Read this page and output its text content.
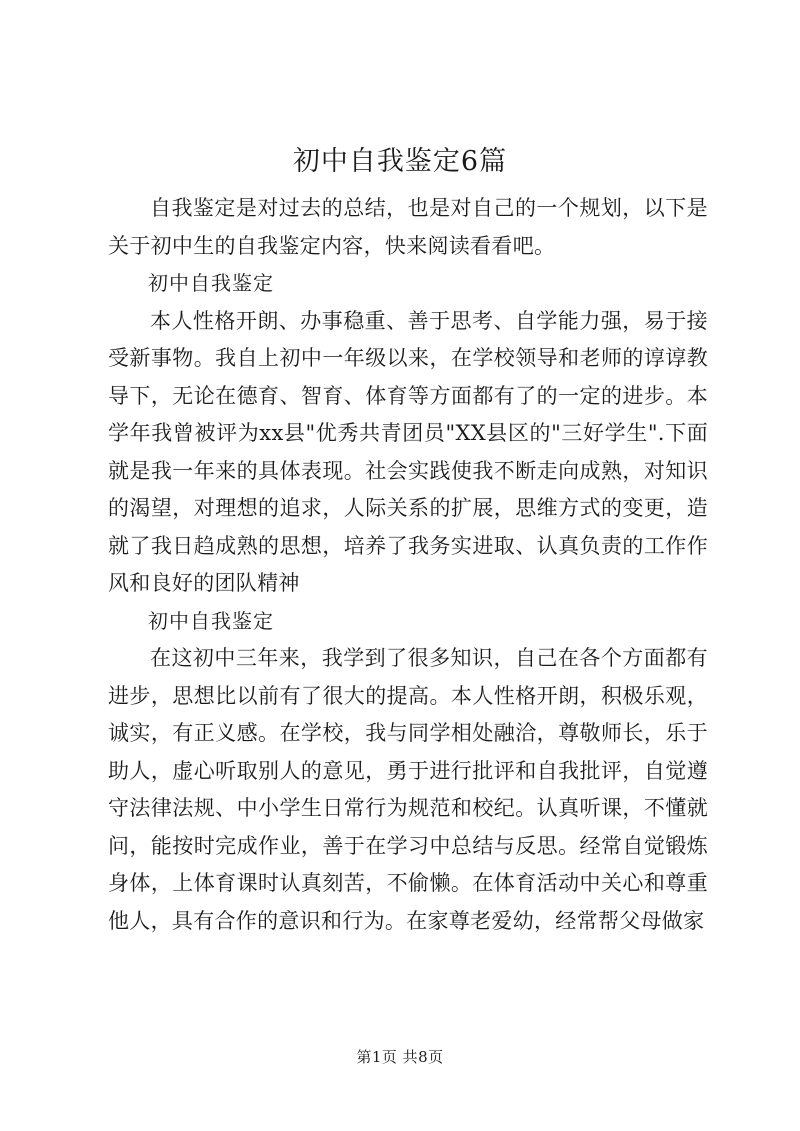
初中自我鉴定6篇

自我鉴定是对过去的总结，也是对自己的一个规划，以下是关于初中生的自我鉴定内容，快来阅读看看吧。

初中自我鉴定

本人性格开朗、办事稳重、善于思考、自学能力强，易于接受新事物。我自上初中一年级以来，在学校领导和老师的谆谆教导下，无论在德育、智育、体育等方面都有了的一定的进步。本学年我曾被评为xx县"优秀共青团员"XX县区的"三好学生".下面就是我一年来的具体表现。社会实践使我不断走向成熟，对知识的渴望，对理想的追求，人际关系的扩展，思维方式的变更，造就了我日趋成熟的思想，培养了我务实进取、认真负责的工作作风和良好的团队精神

初中自我鉴定

在这初中三年来，我学到了很多知识，自己在各个方面都有进步，思想比以前有了很大的提高。本人性格开朗，积极乐观，诚实，有正义感。在学校，我与同学相处融洽，尊敬师长，乐于助人，虚心听取别人的意见，勇于进行批评和自我批评，自觉遵守法律法规、中小学生日常行为规范和校纪。认真听课，不懂就问，能按时完成作业，善于在学习中总结与反思。经常自觉锻炼身体，上体育课时认真刻苦，不偷懒。在体育活动中关心和尊重他人，具有合作的意识和行为。在家尊老爱幼，经常帮父母做家

第1页 共8页
